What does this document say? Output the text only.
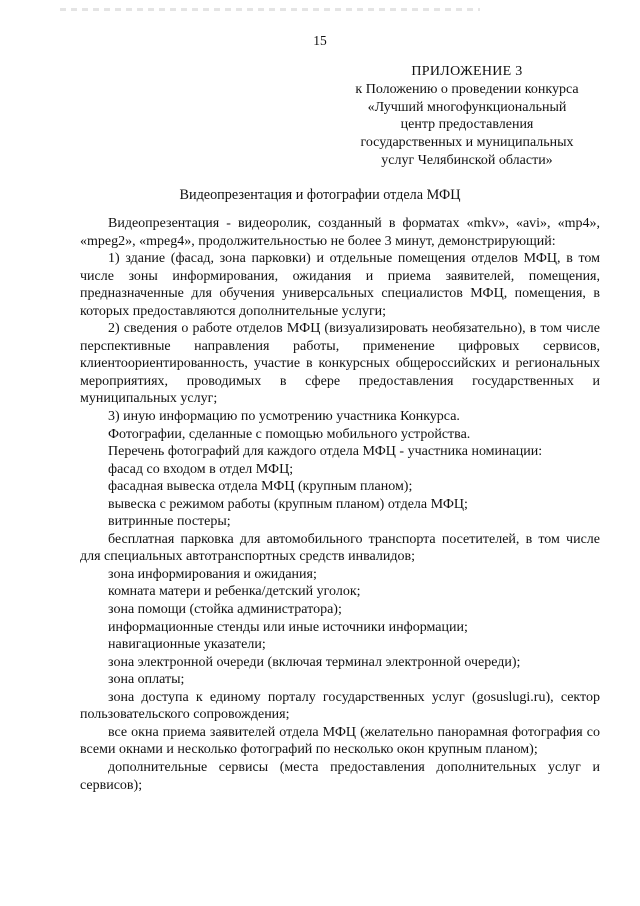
15
ПРИЛОЖЕНИЕ 3
к Положению о проведении конкурса
«Лучший многофункциональный
центр предоставления
государственных и муниципальных
услуг Челябинской области»
Видеопрезентация и фотографии отдела МФЦ

Видеопрезентация - видеоролик, созданный в форматах «mkv», «avi», «mp4», «mpeg2», «mpeg4», продолжительностью не более 3 минут, демонстрирующий:

1) здание (фасад, зона парковки) и отдельные помещения отделов МФЦ, в том числе зоны информирования, ожидания и приема заявителей, помещения, предназначенные для обучения универсальных специалистов МФЦ, помещения, в которых предоставляются дополнительные услуги;

2) сведения о работе отделов МФЦ (визуализировать необязательно), в том числе перспективные направления работы, применение цифровых сервисов, клиентоориентированность, участие в конкурсных общероссийских и региональных мероприятиях, проводимых в сфере предоставления государственных и муниципальных услуг;

3) иную информацию по усмотрению участника Конкурса.

Фотографии, сделанные с помощью мобильного устройства.

Перечень фотографий для каждого отдела МФЦ - участника номинации:

фасад со входом в отдел МФЦ;

фасадная вывеска отдела МФЦ (крупным планом);

вывеска с режимом работы (крупным планом) отдела МФЦ;

витринные постеры;

бесплатная парковка для автомобильного транспорта посетителей, в том числе для специальных автотранспортных средств инвалидов;

зона информирования и ожидания;

комната матери и ребенка/детский уголок;

зона помощи (стойка администратора);

информационные стенды или иные источники информации;

навигационные указатели;

зона электронной очереди (включая терминал электронной очереди);

зона оплаты;

зона доступа к единому порталу государственных услуг (gosuslugi.ru), сектор пользовательского сопровождения;

все окна приема заявителей отдела МФЦ (желательно панорамная фотография со всеми окнами и несколько фотографий по несколько окон крупным планом);

дополнительные сервисы (места предоставления дополнительных услуг и сервисов);
